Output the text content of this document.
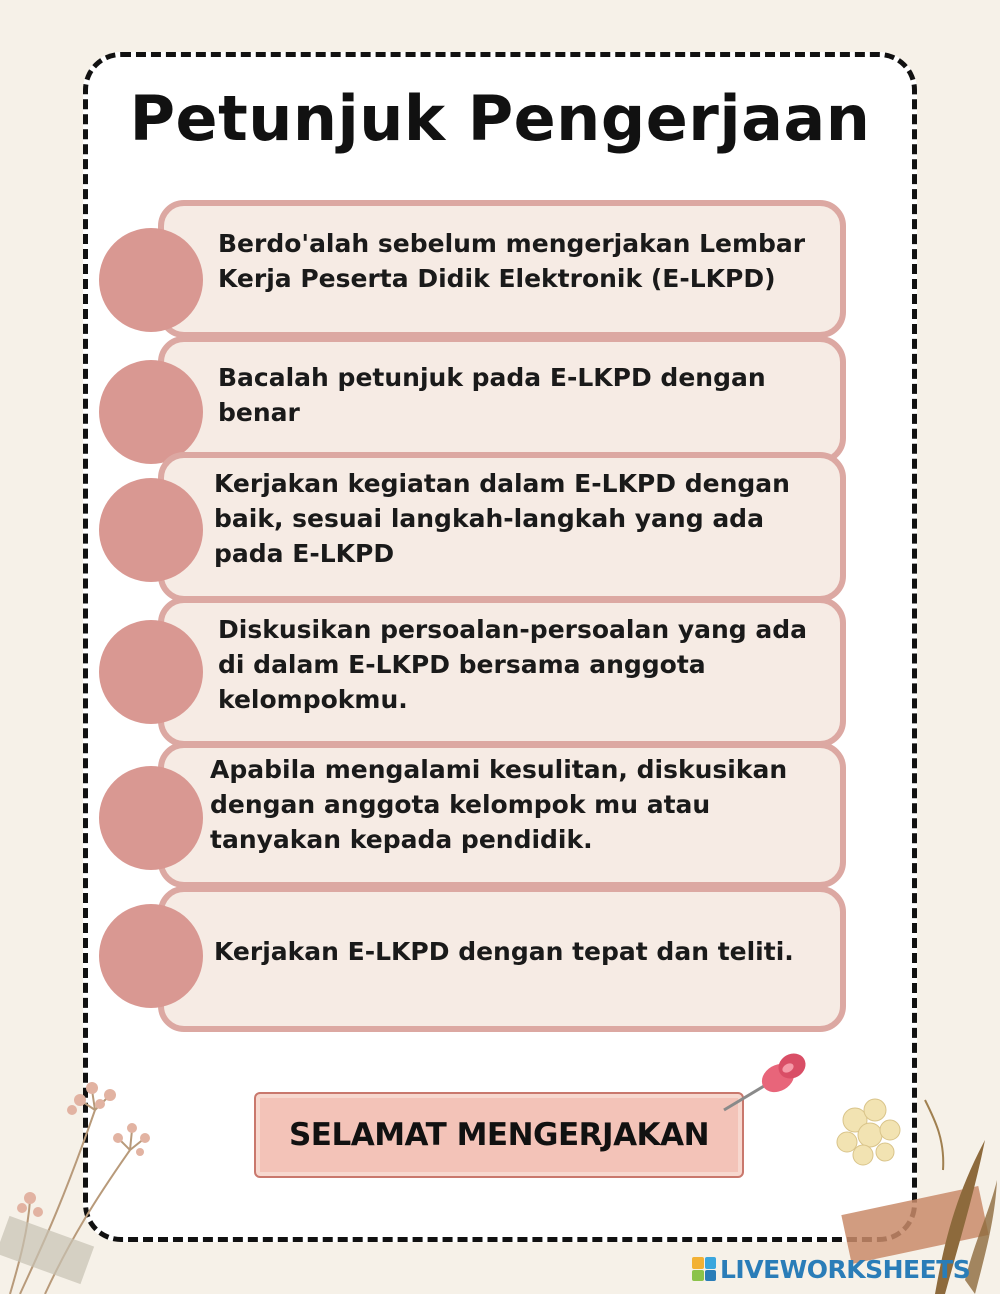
Petunjuk Pengerjaan
Berdo'alah sebelum mengerjakan Lembar
Kerja Peserta Didik Elektronik (E-LKPD)
Bacalah petunjuk pada E-LKPD dengan
benar
Kerjakan kegiatan dalam E-LKPD dengan
baik, sesuai langkah-langkah yang ada
pada E-LKPD
Diskusikan persoalan-persoalan yang ada
di dalam E-LKPD bersama anggota
kelompokmu.
Apabila mengalami kesulitan, diskusikan
dengan anggota kelompok mu atau
tanyakan kepada pendidik.
Kerjakan E-LKPD dengan tepat dan teliti.
SELAMAT MENGERJAKAN
LIVEWORKSHEETS
